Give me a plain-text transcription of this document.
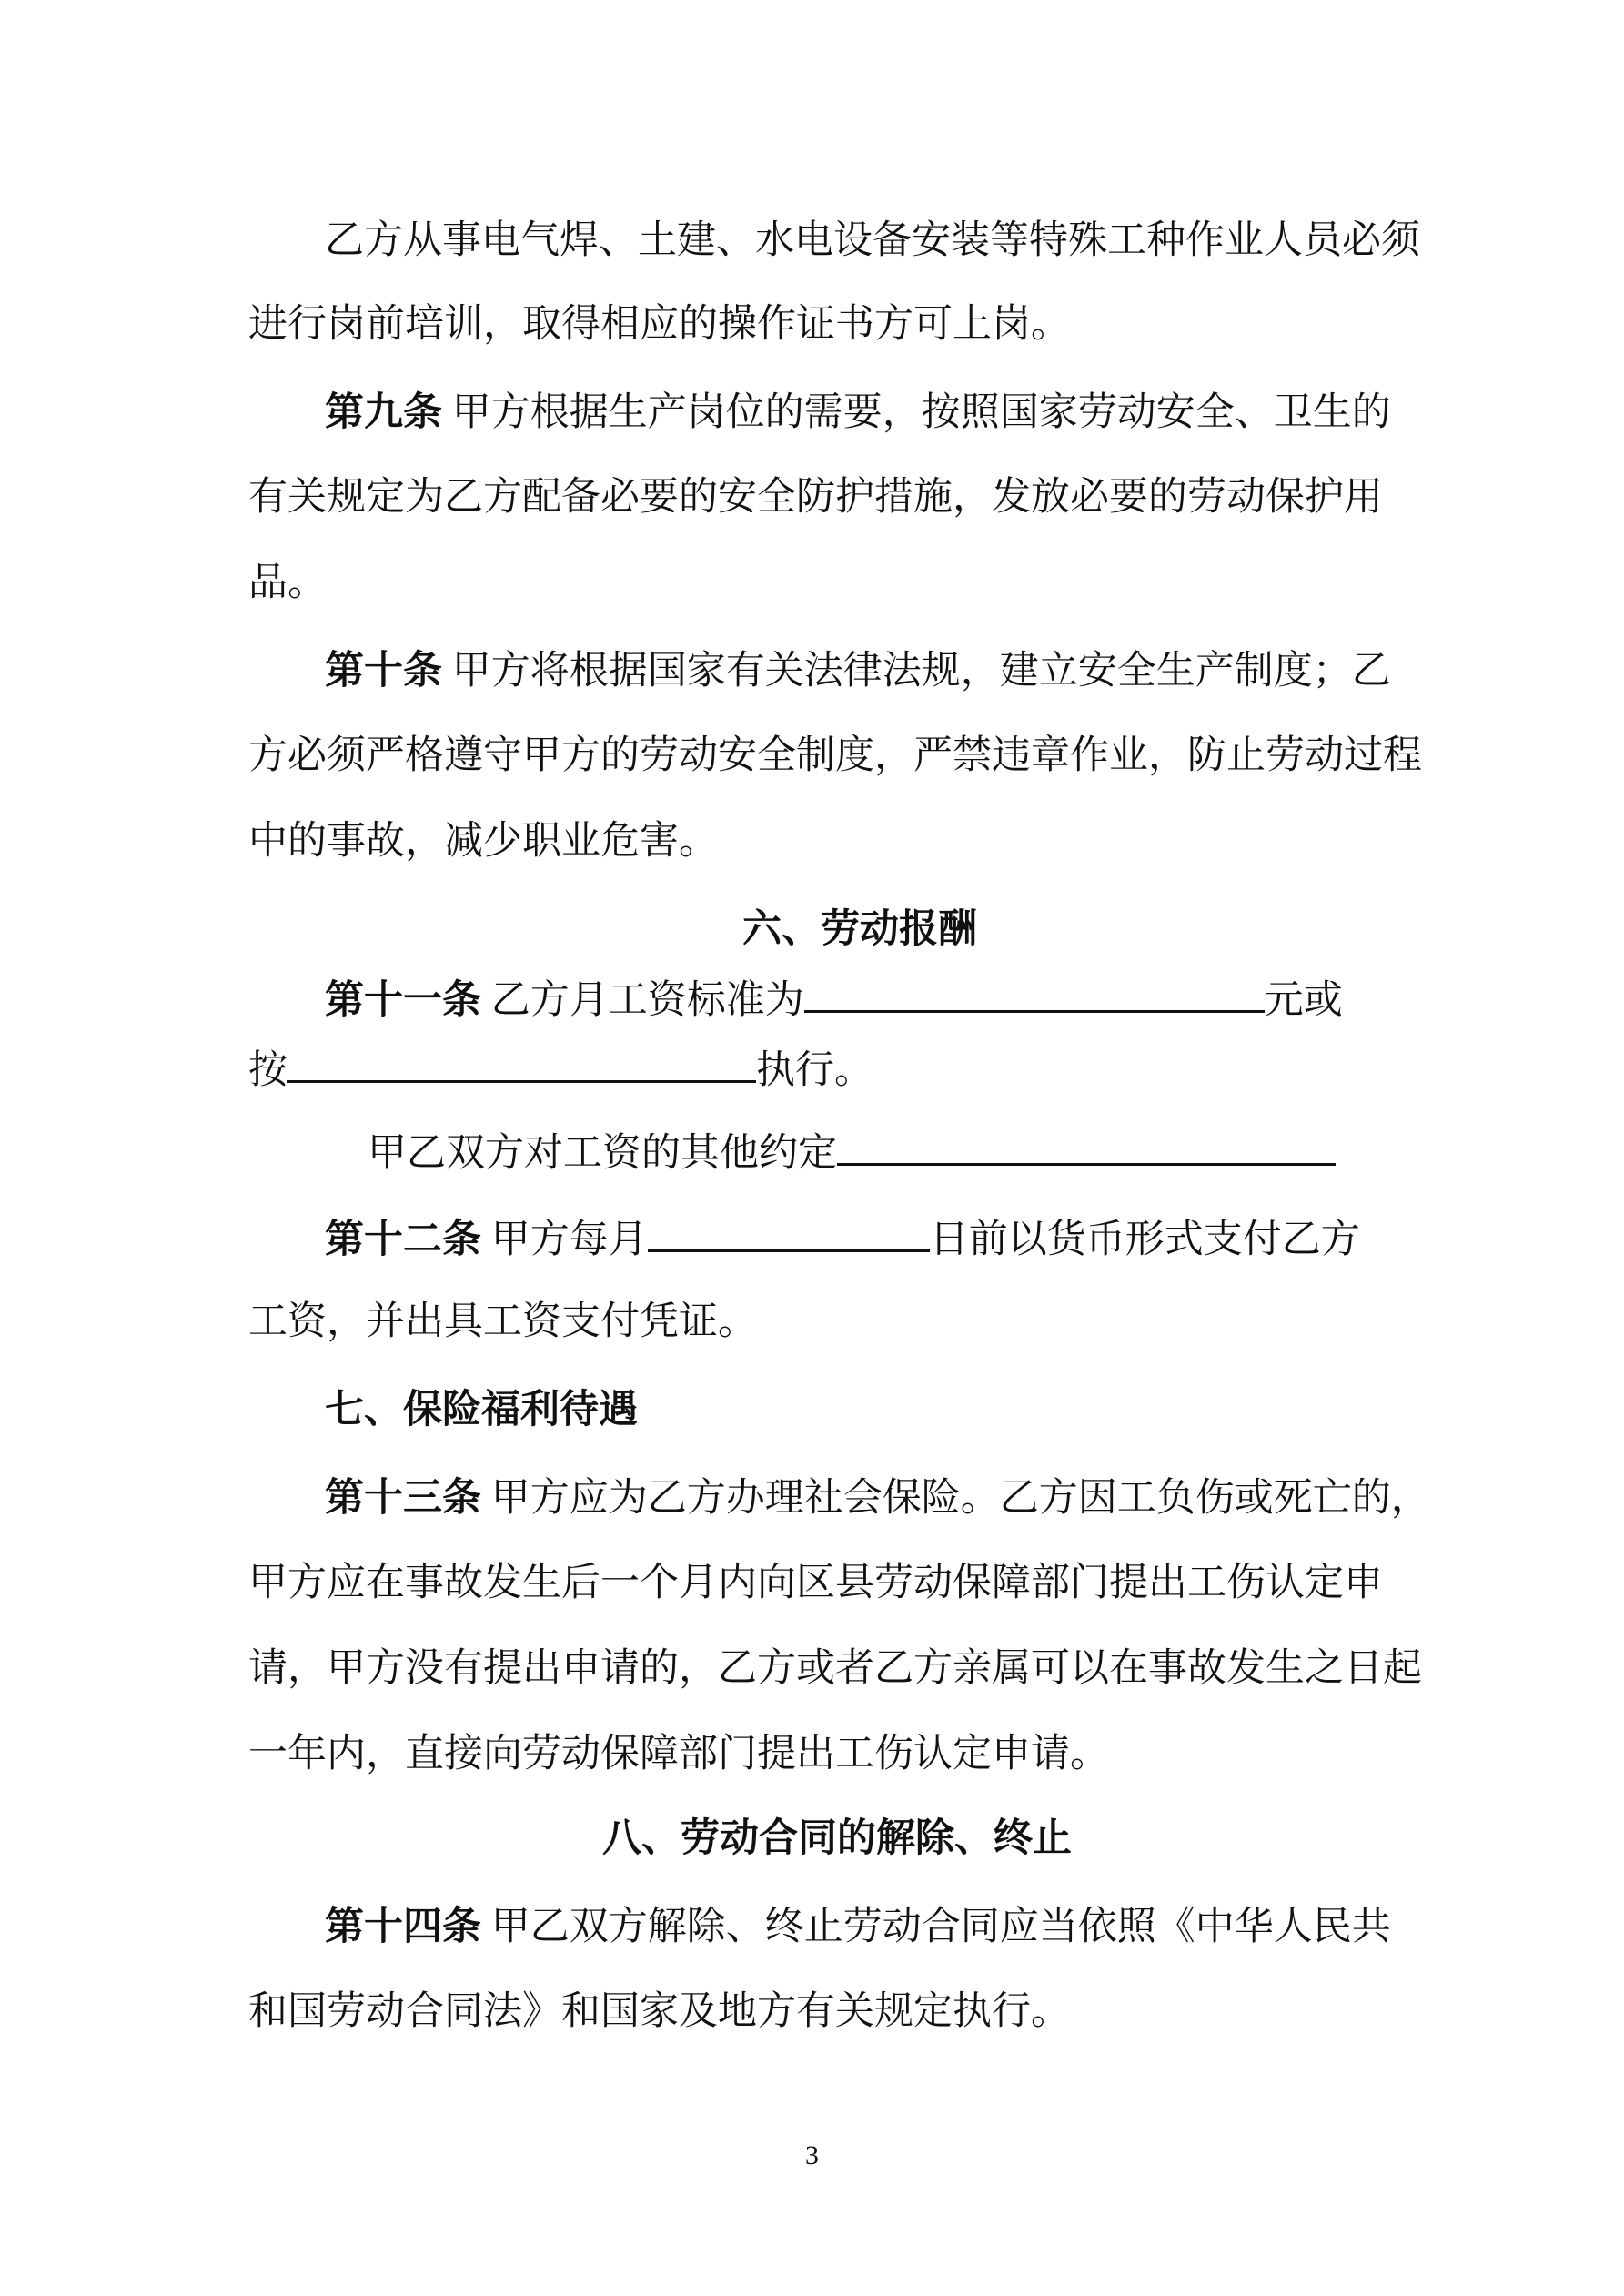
乙方从事电气焊、土建、水电设备安装等特殊工种作业人员必须
进行岗前培训，取得相应的操作证书方可上岗。
第九条 甲方根据生产岗位的需要，按照国家劳动安全、卫生的
有关规定为乙方配备必要的安全防护措施，发放必要的劳动保护用
品。
第十条 甲方将根据国家有关法律法规，建立安全生产制度；乙
方必须严格遵守甲方的劳动安全制度，严禁违章作业，防止劳动过程
中的事故，减少职业危害。
六、劳动报酬
第十一条 乙方月工资标准为	元或
按	执行。
甲乙双方对工资的其他约定
第十二条 甲方每月	日前以货币形式支付乙方
工资，并出具工资支付凭证。
七、保险福利待遇
第十三条 甲方应为乙方办理社会保险。乙方因工负伤或死亡的，
甲方应在事故发生后一个月内向区县劳动保障部门提出工伤认定申
请，甲方没有提出申请的，乙方或者乙方亲属可以在事故发生之日起
一年内，直接向劳动保障部门提出工伤认定申请。
八、劳动合同的解除、终止
第十四条 甲乙双方解除、终止劳动合同应当依照《中华人民共
和国劳动合同法》和国家及地方有关规定执行。
3
